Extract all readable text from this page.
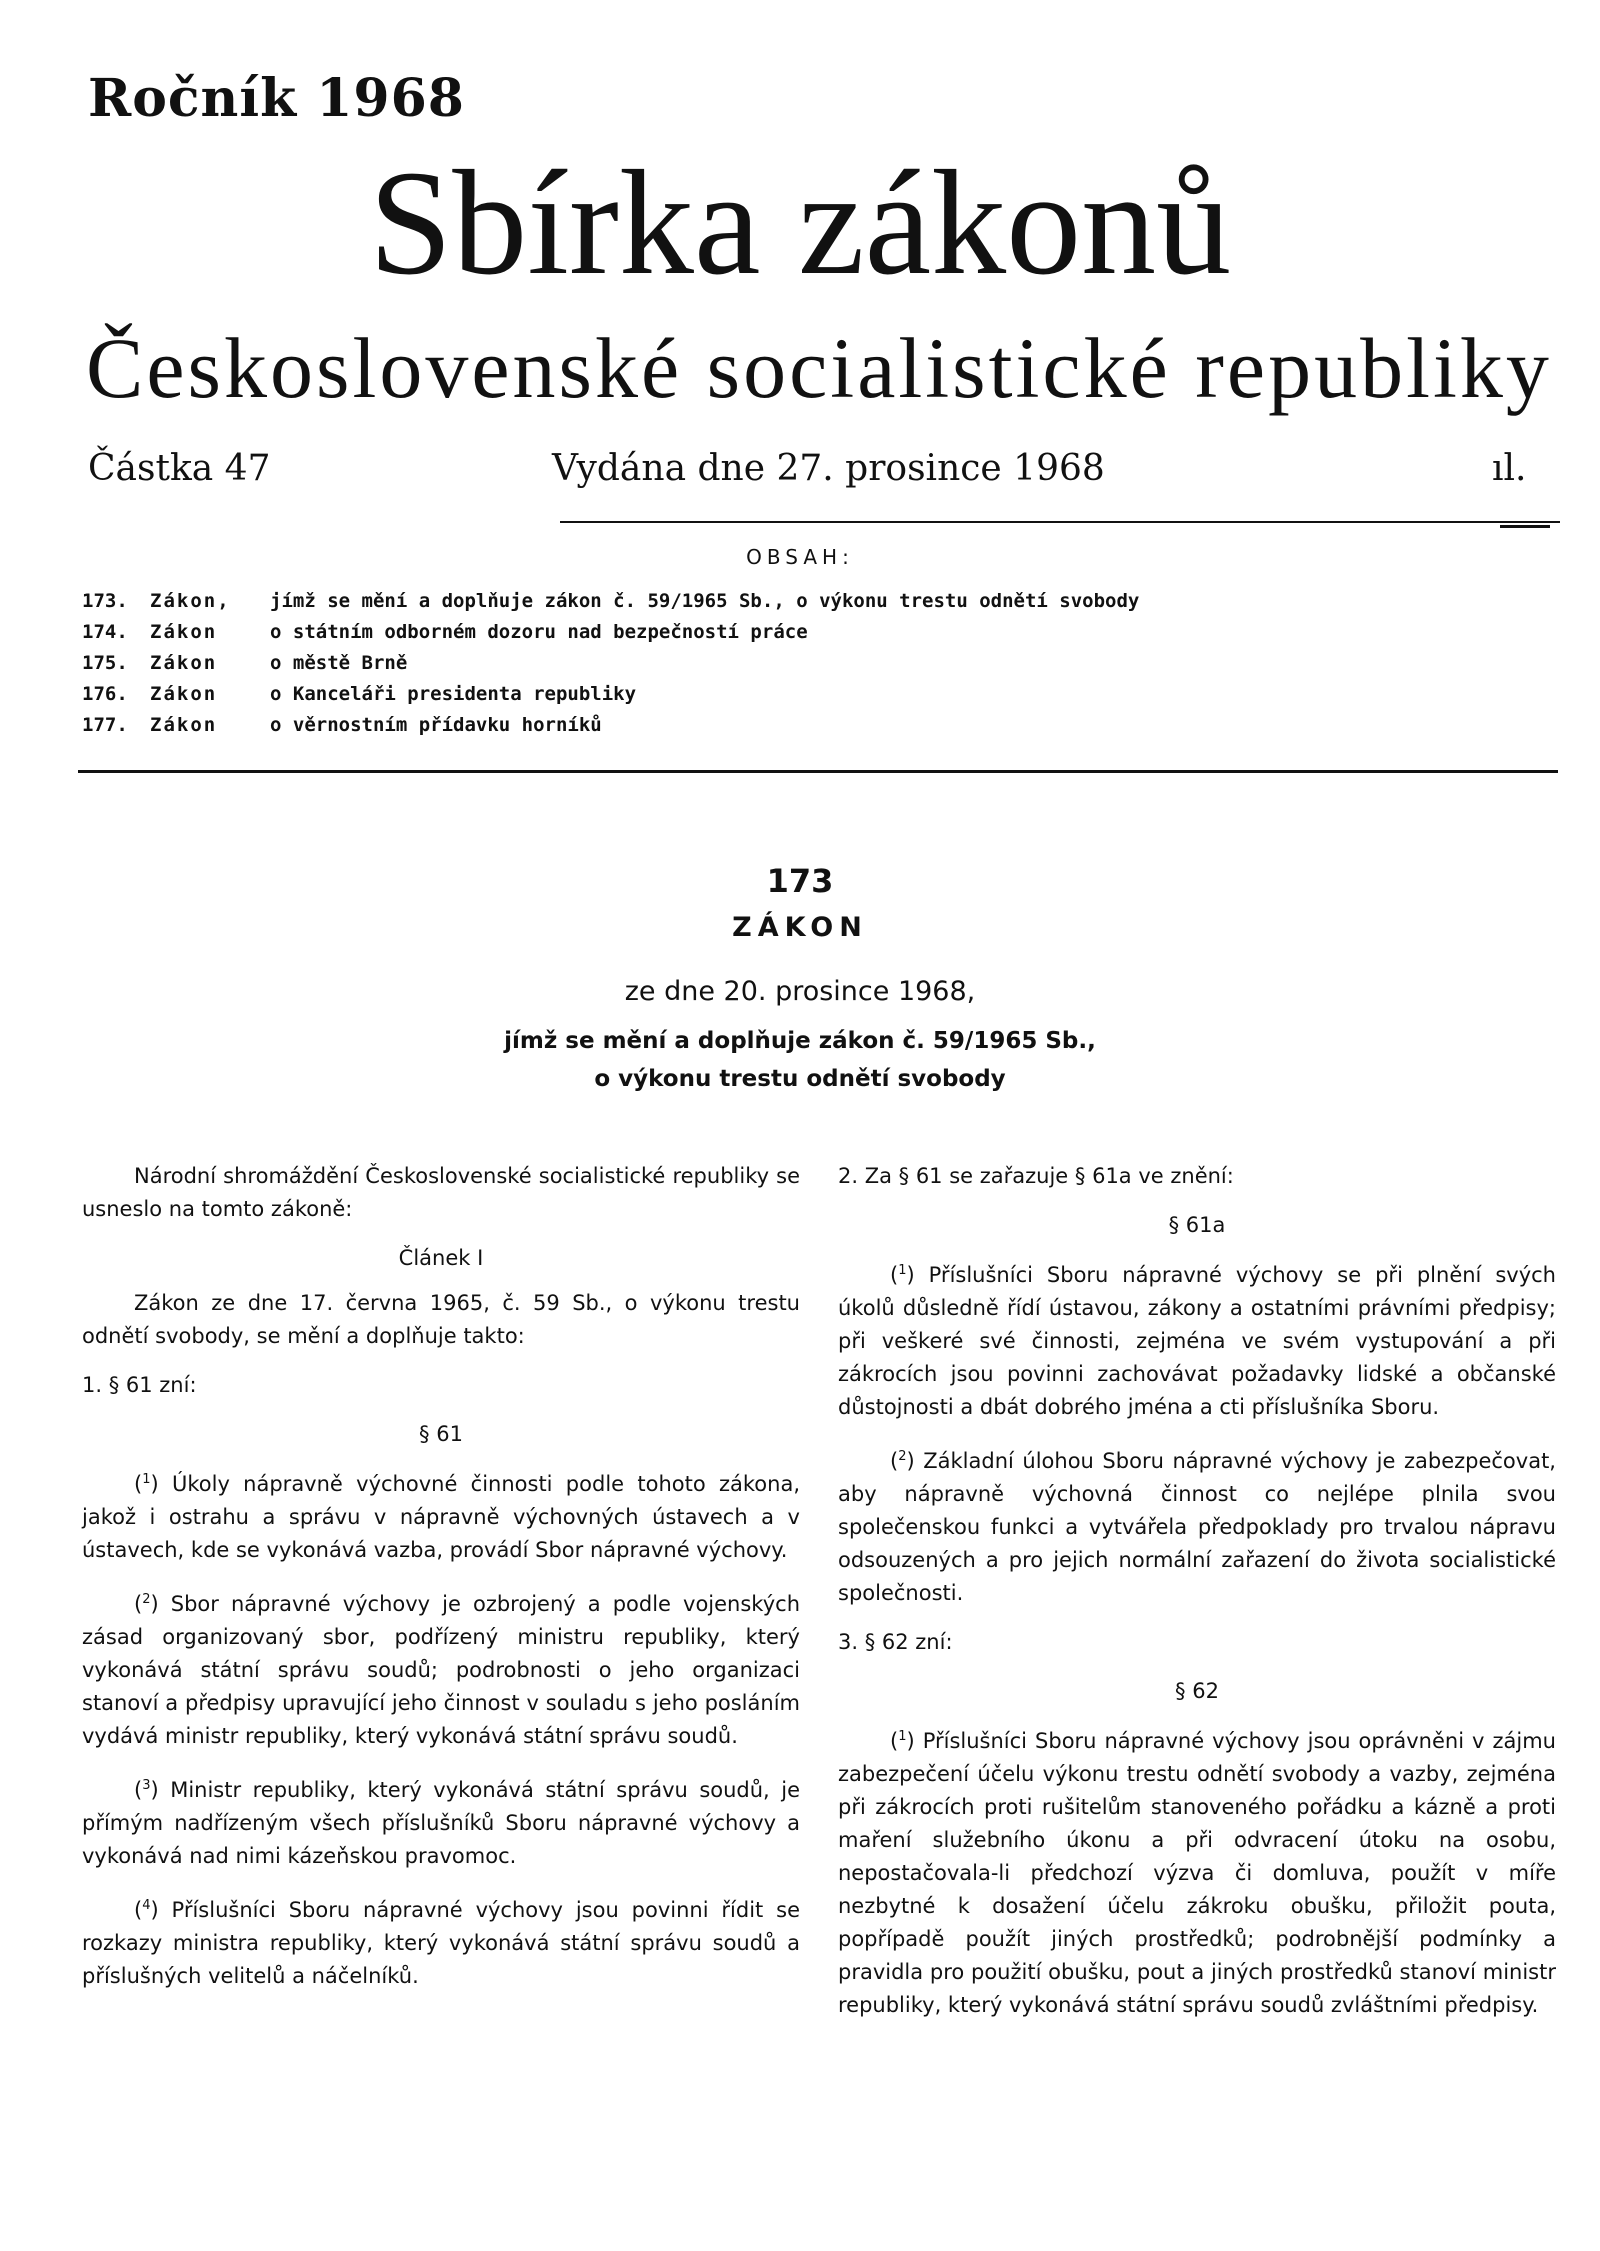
Ročník 1968
Sbírka zákonů
Československé socialistické republiky
Částka 47	Vydána dne 27. prosince 1968	ıl.
OBSAH:
173. Zákon, jímž se mění a doplňuje zákon č. 59/1965 Sb., o výkonu trestu odnětí svobody
174. Zákon	o státním odborném dozoru nad bezpečností práce
175. Zákon	o městě Brně
176. Zákon	o Kanceláři presidenta republiky
177. Zákon	o věrnostním přídavku horníků
173
ZÁKON
ze dne 20. prosince 1968,
jímž se mění a doplňuje zákon č. 59/1965 Sb.,
o výkonu trestu odnětí svobody

Národní shromáždění Československé socialistické republiky se usneslo na tomto zákoně:

Článek I

Zákon ze dne 17. června 1965, č. 59 Sb., o výkonu trestu odnětí svobody, se mění a doplňuje takto:

1. § 61 zní:

§ 61

($^1$) Úkoly nápravně výchovné činnosti podle tohoto zákona, jakož i ostrahu a správu v nápravně výchovných ústavech a v ústavech, kde se vykonává vazba, provádí Sbor nápravné výchovy.

($^2$) Sbor nápravné výchovy je ozbrojený a podle vojenských zásad organizovaný sbor, podřízený ministru republiky, který vykonává státní správu soudů; podrobnosti o jeho organizaci stanoví a předpisy upravující jeho činnost v souladu s jeho posláním vydává ministr republiky, který vykonává státní správu soudů.

($^3$) Ministr republiky, který vykonává státní správu soudů, je přímým nadřízeným všech příslušníků Sboru nápravné výchovy a vykonává nad nimi kázeňskou pravomoc.

($^4$) Příslušníci Sboru nápravné výchovy jsou povinni řídit se rozkazy ministra republiky, který vykonává státní správu soudů a příslušných velitelů a náčelníků.

2. Za § 61 se zařazuje § 61a ve znění:

§ 61a

($^1$) Příslušníci Sboru nápravné výchovy se při plnění svých úkolů důsledně řídí ústavou, zákony a ostatními právními předpisy; při veškeré své činnosti, zejména ve svém vystupování a při zákrocích jsou povinni zachovávat požadavky lidské a občanské důstojnosti a dbát dobrého jména a cti příslušníka Sboru.

($^2$) Základní úlohou Sboru nápravné výchovy je zabezpečovat, aby nápravně výchovná činnost co nejlépe plnila svou společenskou funkci a vytvářela předpoklady pro trvalou nápravu odsouzených a pro jejich normální zařazení do života socialistické společnosti.

3. § 62 zní:

§ 62

($^1$) Příslušníci Sboru nápravné výchovy jsou oprávněni v zájmu zabezpečení účelu výkonu trestu odnětí svobody a vazby, zejména při zákrocích proti rušitelům stanoveného pořádku a kázně a proti maření služebního úkonu a při odvracení útoku na osobu, nepostačovala-li předchozí výzva či domluva, použít v míře nezbytné k dosažení účelu zákroku obušku, přiložit pouta, popřípadě použít jiných prostředků; podrobnější podmínky a pravidla pro použití obušku, pout a jiných prostředků stanoví ministr republiky, který vykonává státní správu soudů zvláštními předpisy.
